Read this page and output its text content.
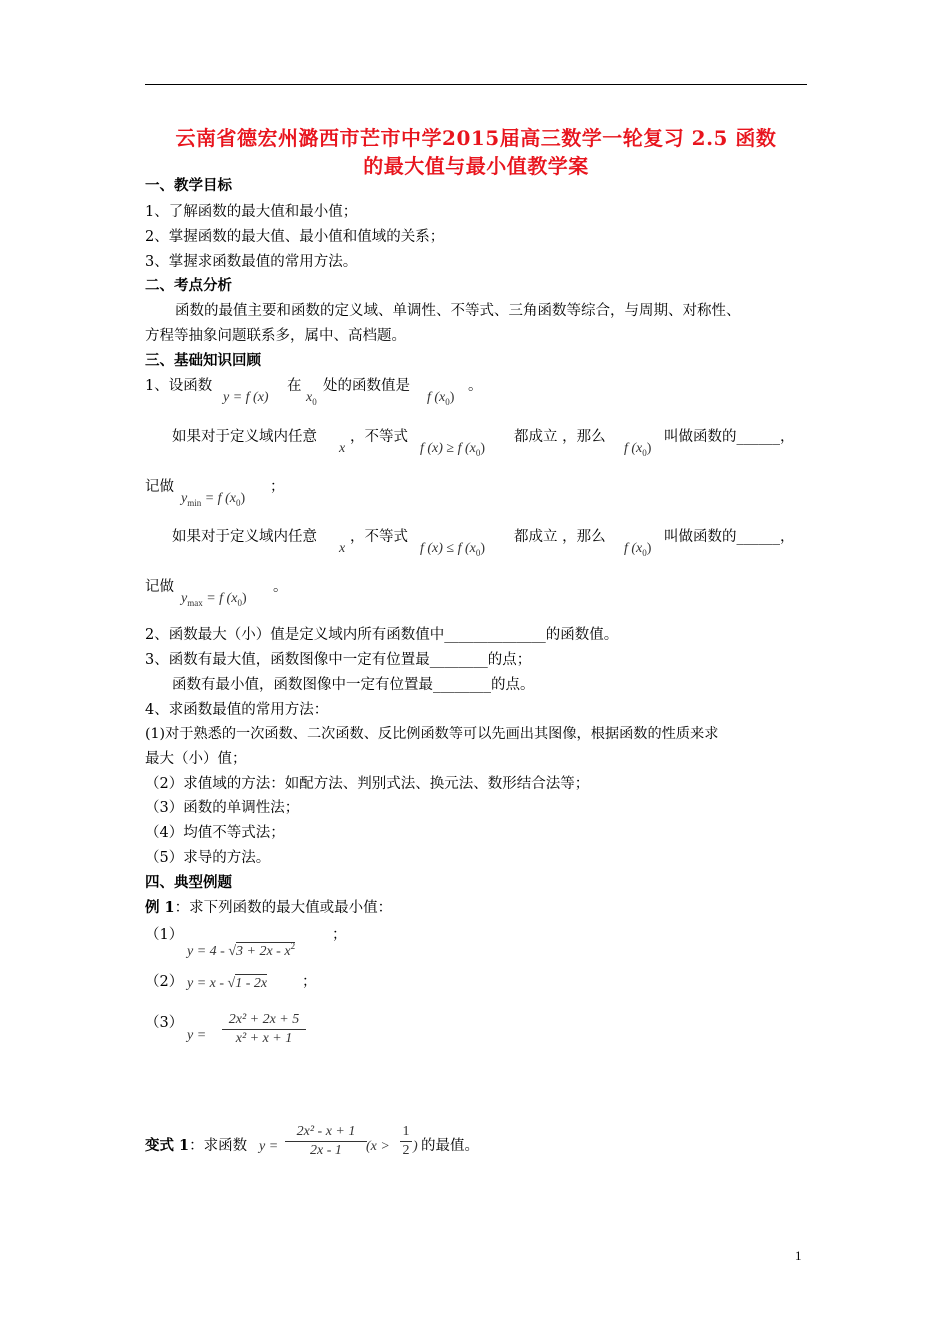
云南省德宏州潞西市芒市中学2015届高三数学一轮复习 2.5 函数
的最大值与最小值教学案
一、教学目标
1、了解函数的最大值和最小值；
2、掌握函数的最大值、最小值和值域的关系；
3、掌握求函数最值的常用方法。
二、考点分析
函数的最值主要和函数的定义域、单调性、不等式、三角函数等综合，与周期、对称性、
方程等抽象问题联系多，属中、高档题。
三、基础知识回顾
1、设函数
y = f (x)
在
$x_0$
处的函数值是
f $(x_0)$
。
如果对于定义域内任意
x
，不等式
f (x) ≥ f $(x_0)$
都成立 ，那么
f $(x_0)$
叫做函数的______，
记做
$y_{min} = f$ $(x_0)$
；
如果对于定义域内任意
x
，不等式
f (x) ≤ f $(x_0)$
都成立 ，那么
f $(x_0)$
叫做函数的______，
记做
$y_{max} = f$ $(x_0)$
。
2、函数最大（小）值是定义域内所有函数值中______________的函数值。
3、函数有最大值，函数图像中一定有位置最________的点；
函数有最小值，函数图像中一定有位置最________的点。
4、求函数最值的常用方法：
(1)对于熟悉的一次函数、二次函数、反比例函数等可以先画出其图像，根据函数的性质来求
最大（小）值；
（2）求值域的方法：如配方法、判别式法、换元法、数形结合法等；
（3）函数的单调性法；
（4）均值不等式法；
（5）求导的方法。
四、典型例题
例 1：求下列函数的最大值或最小值：
（1）
$y = 4 - √3 + 2x - x^2$
；
（2） y = x - √1 - 2x ；
（3）
y =
2x² + 2x + 5
x² + x + 1
变式 1：求函数 y =
2x² - x + 1
2x - 1	(x >
1
2 ) 的最值。
1
